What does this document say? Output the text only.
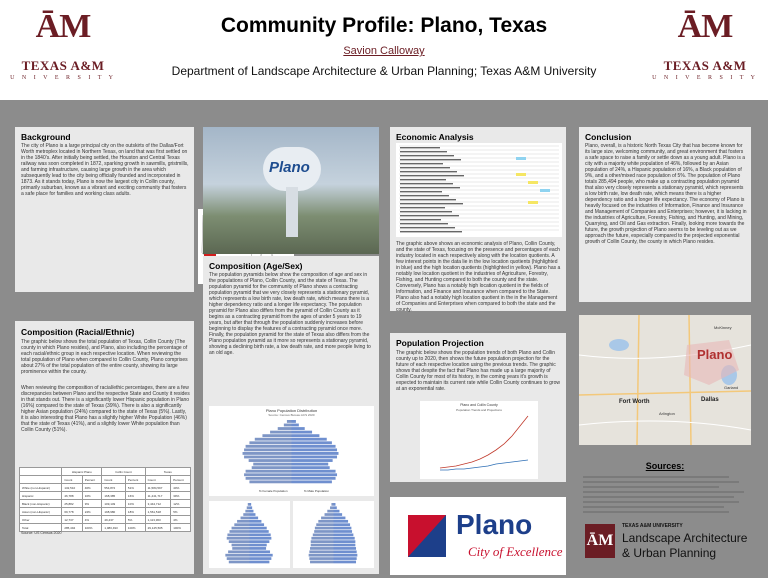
ĀM
TEXAS A&M
U N I V E R S I T Y
ĀM
TEXAS A&M
U N I V E R S I T Y
Community Profile: Plano, Texas
Savion Calloway
Department of Landscape Architecture & Urban Planning; Texas A&M University
Background

The city of Plano is a large principal city on the outskirts of the Dallas/Fort Worth metroplex located in Northern Texas, on land that was first settled on in the 1840's. After initially being settled, the Houston and Central Texas railway was soon completed in 1872, sparking growth in sawmills, gristmills, and farming infrastructure, causing large growth in the area which subsequently lead to the city being officially founded and incorporated in 1873. As it stands today, Plano is now the largest city in Collin county, primarily suburban, known as a vibrant and exciting community that fosters a safe place for families and working class adults.

Plano
Composition (Racial/Ethnic)

The graphic below shows the total population of Texas, Collin County (The county in which Plano resides), and Plano, also including the percentage of each racial/ethnic group in each respective location. When reviewing the total population of Plano when compared to Collin County, Plano comprises about 27% of the total population of the entire county, showing its large prominence within the county.

When reviewing the composition of racial/ethic percentages, there are a few discrepancies between Plano and the respective State and County it resides in that stands out. There is a significantly lower Hispanic population in Plano (16%) compared to the state of Texas (39%). There is also a significantly higher Asian population (24%) compared to the state of Texas (5%). Lastly, it is also interesting that Plano has a slightly higher White Population (46%) that the state of Texas (41%), and a slightly lower White population than Collin County (51%).

	Hispanic Plano		Collin Count		Texas	
	Count	Percent	Count	Percent	Count	Percent
White (non-Hispanic)	132,510	46%	554,872	51%	11,584,597	40%
Hispanic	46,788	16%	168,385	16%	11,441,717	39%
Black (non-Hispanic)	25,882	9%	109,149	10%	3,444,712	12%
Asian (non-Hispanic)	69,778	24%	198,980	18%	1,561,518	5%
Other	12,737	4%	49,437	5%	1,113,363	4%
Total	285,494	100%	1,080,493	100%	29,145,505	100%
Source: US Census 2020
Composition (Age/Sex)

The population pyramids below show the composition of age and sex in the populations of Plano, Collin County, and the state of Texas. The population pyramid for the community of Plano shows a contracting population pyramid that we very closely represents a stationary pyramid, which represents a low birth rate, low death rate, which means there is a higher dependency ratio and a longer life expectancy. The population pyramid for Plano also differs from the pyramid of Collin County as it begins as a contracting pyramid from the ages of under 5 years to 19 years, but after that through the population suddenly increases before beginning to display the features of a contracting pyramid once more. Finally, the population pyramid for the state of Texas also differs from the Plano population pyramid as it more so represents a stationary pyramid, showing a declining birth rate, a low death rate, and more people living to an old age.

Plano Population Distribution
Source: Census Bureau ACS 2020
% Female Population	% Male Population
Economic Analysis

The graphic above shows an economic analysis of Plano, Collin County, and the state of Texas, focusing on the presence and percentages of each industry located in each respectively along with the location quotients. A few interest points in the data lie in the low location quotients (highlighted in blue) and the high location quotients (highlighted in yellow). Plano has a notably low location quotient in the industries of Agriculture, Forestry, Fishing, and Hunting compared to both the county and the state. Conversely, Plano has a notably high location quotient in the fields of Information, and Finance and Insurance when compared to the State. Plano also had a notably high location quotient in the in the Management of Companies and Enterprises when compared to both the state and the county.

Population Projection

The graphic below shows the population trends of both Plano and Collin county up to 2020, then shows the future population projection for the future of each respective location using the previous trends. The graphic shows that despite the fact that Plano has made up a large majority of Collin County for most of its history, in the coming years it's growth is expected to maintain its current rate while Collin County continues to grow at an exponential rate.

Plano and Collin County
Population Trends and Projections
Plano
City of Excellence
Conclusion

Plano, overall, is a historic North Texas City that has become known for its large size, welcoming community, and great environment that fosters a safe space to raise a family or settle down as a young adult. Plano is a city with a majority white population of 46%, followed by an Asian population of 24%, a Hispanic population of 16%, a Black population of 9%, and a other/mixed race population of 5%. The population of Plano totals 285,494 people, who make up a contracting population pyramid that also very closely represents a stationary pyramid, which represents a low birth rate, low death rate, which means there is a higher dependency ratio and a longer life expectancy. The economy of Plano is heavily focused on the industries of Information, Finance and Insurance and Management of Companies and Enterprises; however, it is lacking in the industries of Agriculture, Forestry, Fishing, and Hunting, and Mining, Quarrying, and Oil and Gas extraction. Finally, looking more towards the future, the growth projection of Plano seems to be leveling out as we approach the future, especially compared to the projected exponential growth of Collin County, the county in which Plano resides.

Plano
Fort Worth	Dallas
McKinney
Garland
Arlington
Sources:
ĀM
TEXAS A&M UNIVERSITY
Landscape Architecture
& Urban Planning
